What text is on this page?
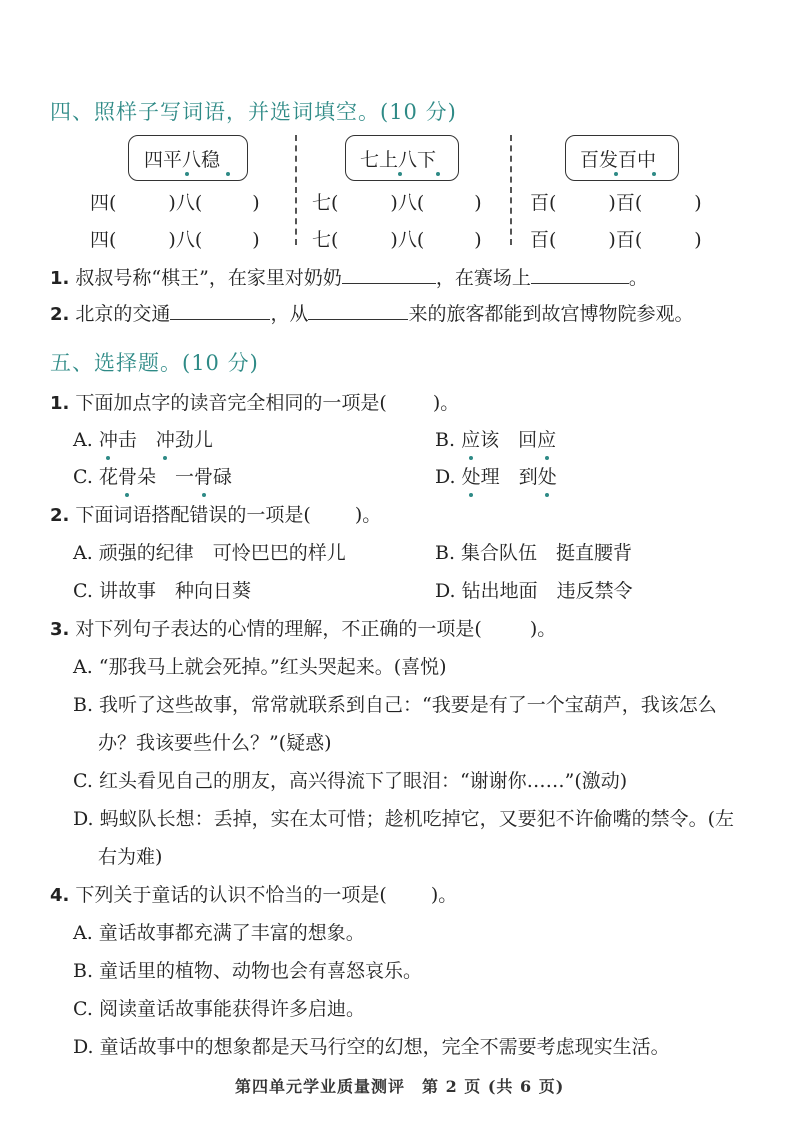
四、照样子写词语，并选词填空。(10 分)
四平八稳	七上八下	百发百中
四(	)八(	)
四(	)八(	)
七(	)八(	)
七(	)八(	)
百(	)百(	)
百(	)百(	)
1. 叔叔号称“棋王”，在家里对奶奶	，在赛场上	。
2. 北京的交通	，从	来的旅客都能到故宫博物院参观。
五、选择题。(10 分)
1. 下面加点字的读音完全相同的一项是( )。
A. 冲击　 冲劲儿	B. 应该　 回应
C. 花骨朵　 一骨碌	D. 处理　 到处
2. 下面词语搭配错误的一项是( )。
A. 顽强的纪律　可怜巴巴的样儿	B. 集合队伍　挺直腰背
C. 讲故事　种向日葵	D. 钻出地面　违反禁令
3. 对下列句子表达的心情的理解，不正确的一项是(	)。
A. “那我马上就会死掉。”红头哭起来。(喜悦)
B. 我听了这些故事，常常就联系到自己：“我要是有了一个宝葫芦，我该怎么
办？我该要些什么？”(疑惑)
C. 红头看见自己的朋友，高兴得流下了眼泪：“谢谢你……”(激动)
D. 蚂蚁队长想：丢掉，实在太可惜；趁机吃掉它，又要犯不许偷嘴的禁令。(左
右为难)
4. 下列关于童话的认识不恰当的一项是( )。
A. 童话故事都充满了丰富的想象。
B. 童话里的植物、动物也会有喜怒哀乐。
C. 阅读童话故事能获得许多启迪。
D. 童话故事中的想象都是天马行空的幻想，完全不需要考虑现实生活。
第四单元学业质量测评　第 2 页 (共 6 页)
